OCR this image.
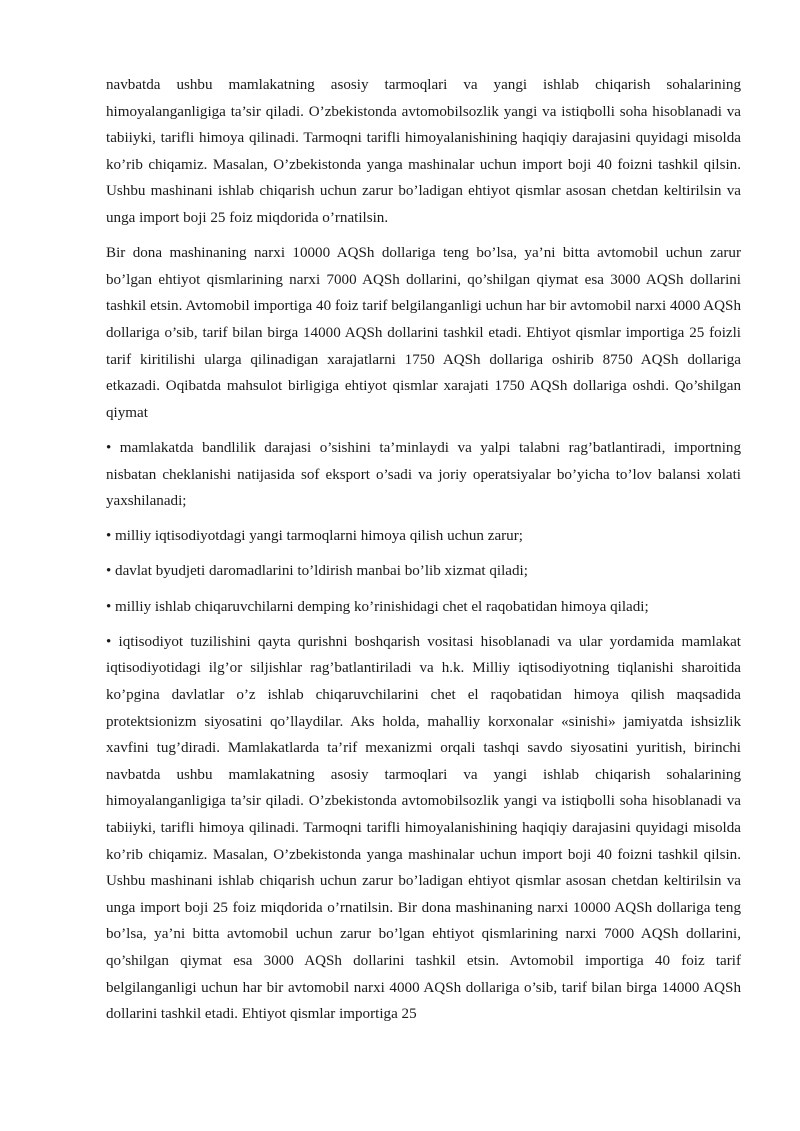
navbatda ushbu mamlakatning asosiy tarmoqlari va yangi ishlab chiqarish sohalarining himoyalanganligiga ta’sir qiladi. O’zbekistonda avtomobilsozlik yangi va istiqbolli soha hisoblanadi va tabiiyki, tarifli himoya qilinadi. Tarmoqni tarifli himoyalanishining haqiqiy darajasini quyidagi misolda ko’rib chiqamiz. Masalan, O’zbekistonda yanga mashinalar uchun import boji 40 foizni tashkil qilsin. Ushbu mashinani ishlab chiqarish uchun zarur bo’ladigan ehtiyot qismlar asosan chetdan keltirilsin va unga import boji 25 foiz miqdorida o’rnatilsin.

Bir dona mashinaning narxi 10000 AQSh dollariga teng bo’lsa, ya’ni bitta avtomobil uchun zarur bo’lgan ehtiyot qismlarining narxi 7000 AQSh dollarini, qo’shilgan qiymat esa 3000 AQSh dollarini tashkil etsin. Avtomobil importiga 40 foiz tarif belgilanganligi uchun har bir avtomobil narxi 4000 AQSh dollariga o’sib, tarif bilan birga 14000 AQSh dollarini tashkil etadi. Ehtiyot qismlar importiga 25 foizli tarif kiritilishi ularga qilinadigan xarajatlarni 1750 AQSh dollariga oshirib 8750 AQSh dollariga etkazadi. Oqibatda mahsulot birligiga ehtiyot qismlar xarajati 1750 AQSh dollariga oshdi. Qo’shilgan qiymat

• mamlakatda bandlilik darajasi o’sishini ta’minlaydi va yalpi talabni rag’batlantiradi, importning nisbatan cheklanishi natijasida sof eksport o’sadi va joriy operatsiyalar bo’yicha to’lov balansi xolati yaxshilanadi;

• milliy iqtisodiyotdagi yangi tarmoqlarni himoya qilish uchun zarur;

• davlat byudjeti daromadlarini to’ldirish manbai bo’lib xizmat qiladi;

• milliy ishlab chiqaruvchilarni demping ko’rinishidagi chet el raqobatidan himoya qiladi;

• iqtisodiyot tuzilishini qayta qurishni boshqarish vositasi hisoblanadi va ular yordamida mamlakat iqtisodiyotidagi ilg’or siljishlar rag’batlantiriladi va h.k. Milliy iqtisodiyotning tiqlanishi sharoitida ko’pgina davlatlar o’z ishlab chiqaruvchilarini chet el raqobatidan himoya qilish maqsadida protektsionizm siyosatini qo’llaydilar. Aks holda, mahalliy korxonalar «sinishi» jamiyatda ishsizlik xavfini tug’diradi. Mamlakatlarda ta’rif mexanizmi orqali tashqi savdo siyosatini yuritish, birinchi navbatda ushbu mamlakatning asosiy tarmoqlari va yangi ishlab chiqarish sohalarining himoyalanganligiga ta’sir qiladi. O’zbekistonda avtomobilsozlik yangi va istiqbolli soha hisoblanadi va tabiiyki, tarifli himoya qilinadi. Tarmoqni tarifli himoyalanishining haqiqiy darajasini quyidagi misolda ko’rib chiqamiz. Masalan, O’zbekistonda yanga mashinalar uchun import boji 40 foizni tashkil qilsin. Ushbu mashinani ishlab chiqarish uchun zarur bo’ladigan ehtiyot qismlar asosan chetdan keltirilsin va unga import boji 25 foiz miqdorida o’rnatilsin. Bir dona mashinaning narxi 10000 AQSh dollariga teng bo’lsa, ya’ni bitta avtomobil uchun zarur bo’lgan ehtiyot qismlarining narxi 7000 AQSh dollarini, qo’shilgan qiymat esa 3000 AQSh dollarini tashkil etsin. Avtomobil importiga 40 foiz tarif belgilanganligi uchun har bir avtomobil narxi 4000 AQSh dollariga o’sib, tarif bilan birga 14000 AQSh dollarini tashkil etadi. Ehtiyot qismlar importiga 25
